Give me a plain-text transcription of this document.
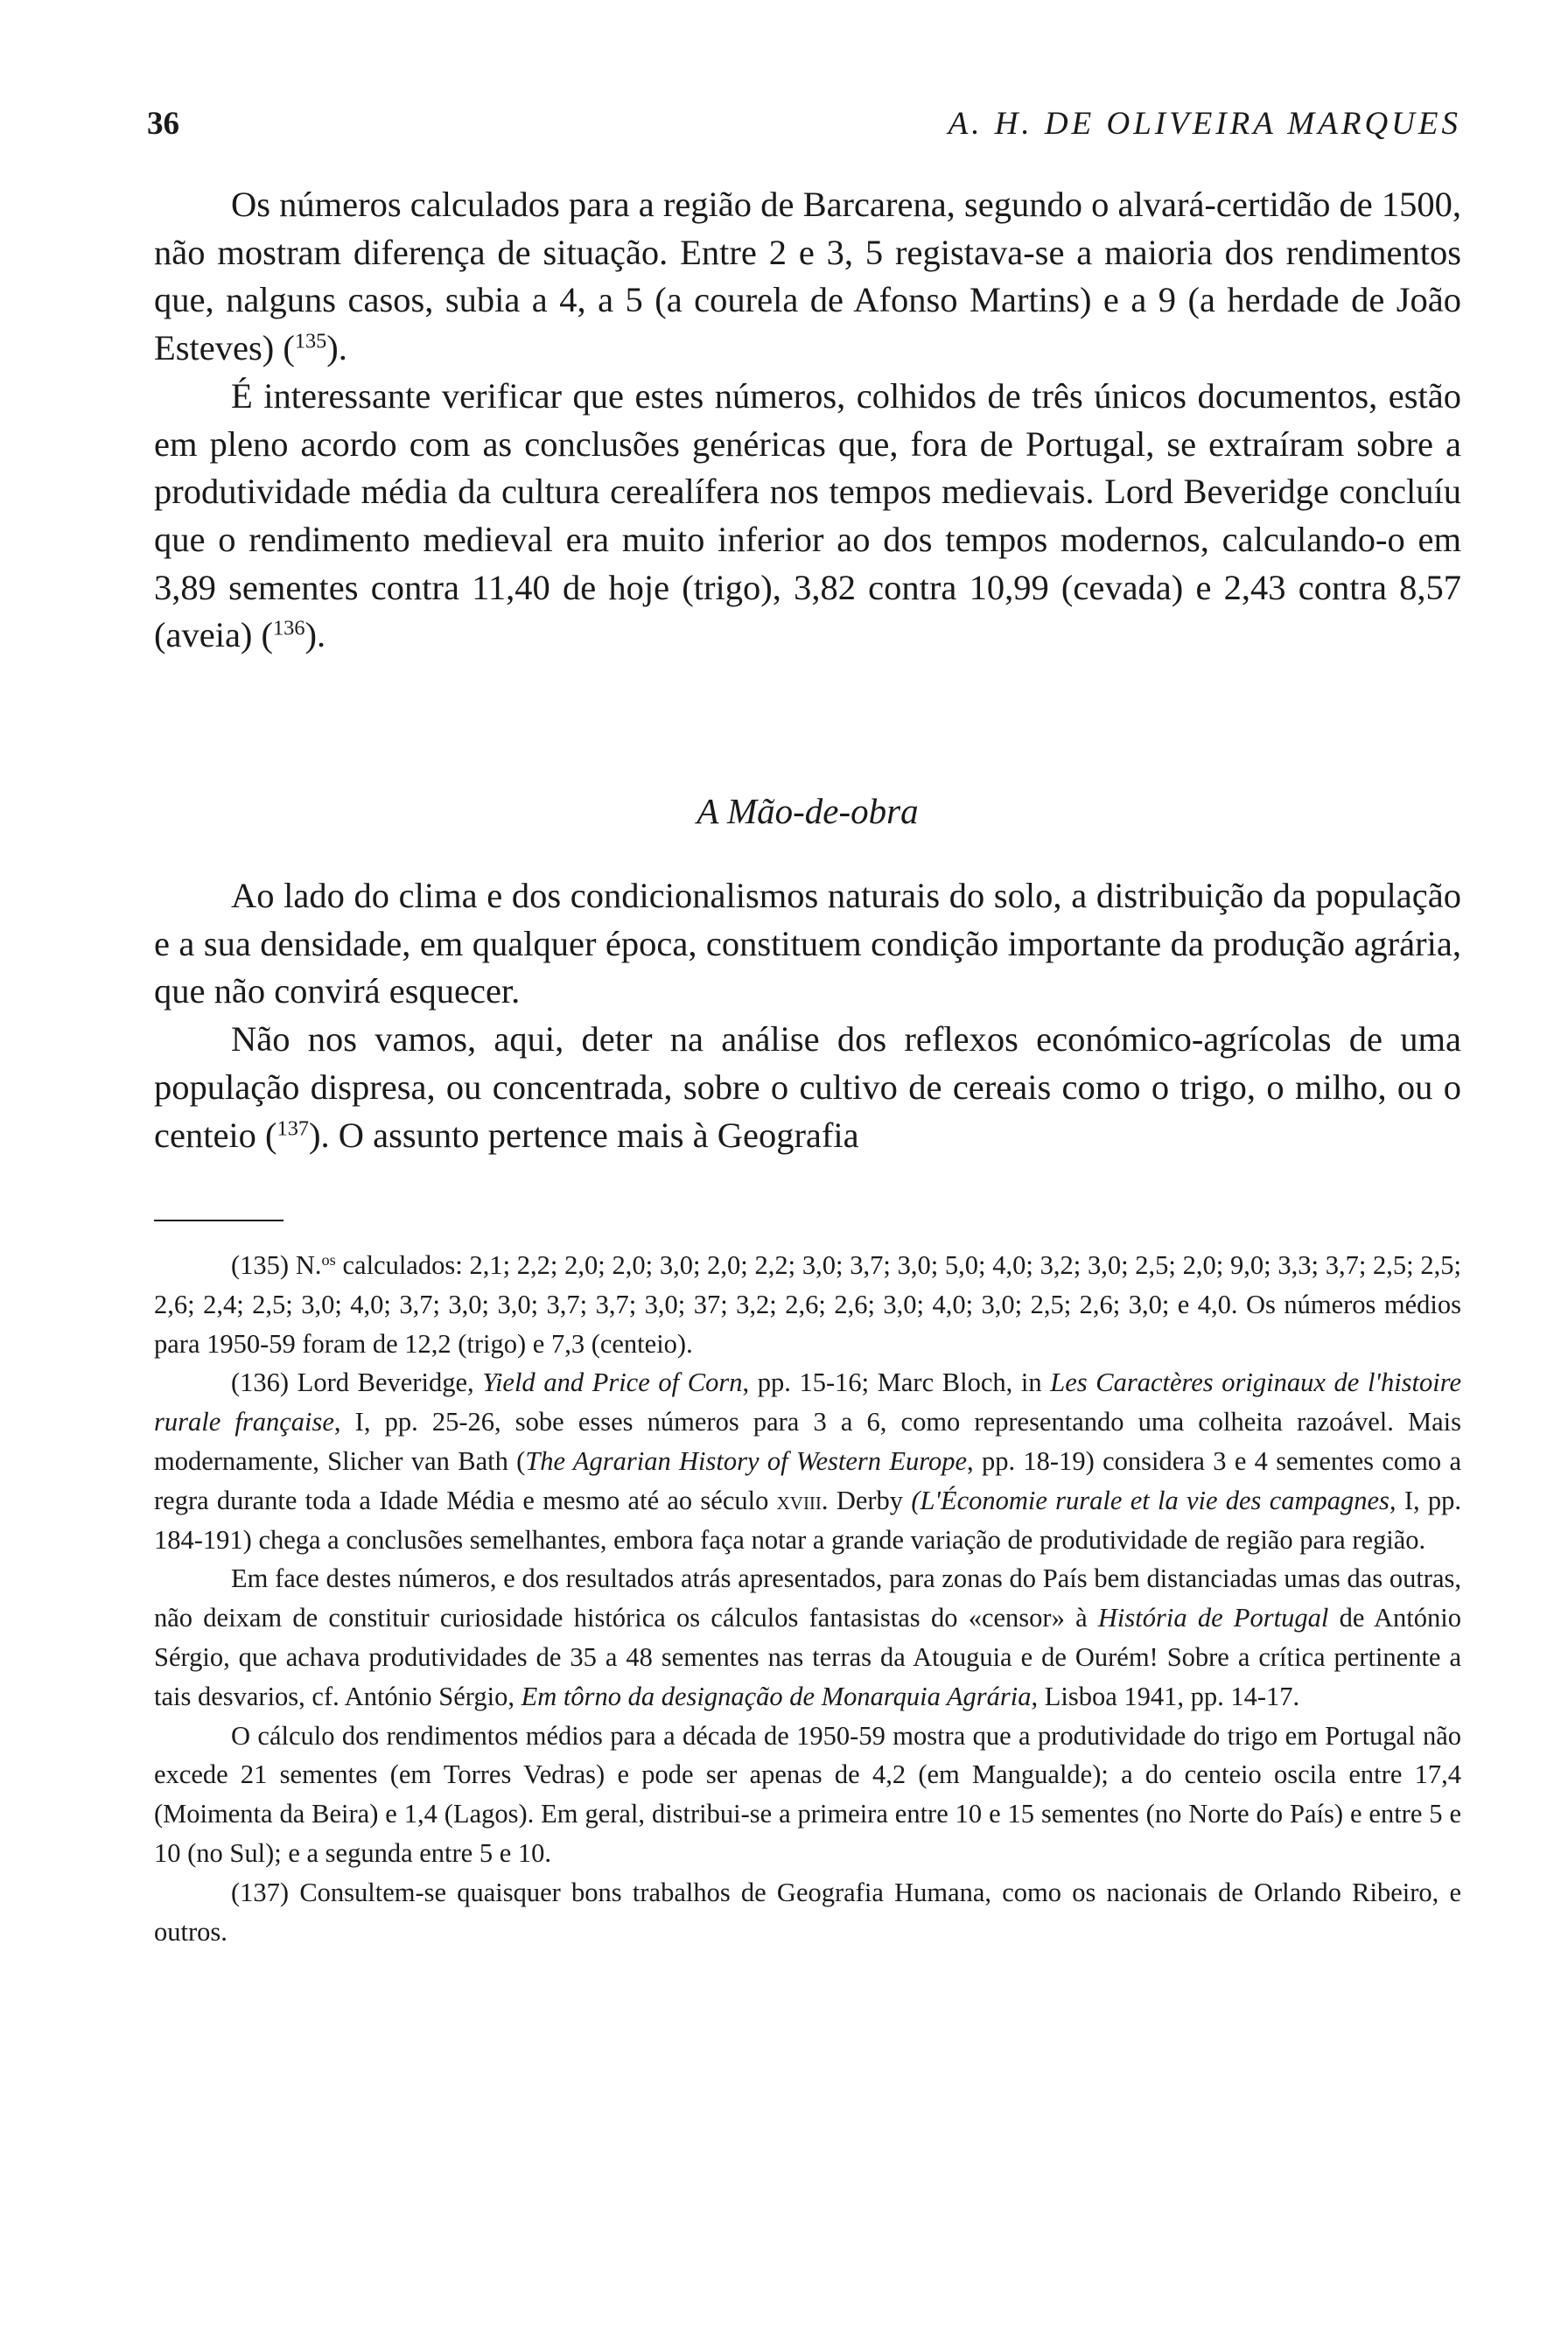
36	A. H. DE OLIVEIRA MARQUES

Os números calculados para a região de Barcarena, segundo o alvará-certidão de 1500, não mostram diferença de situação. Entre 2 e 3, 5 registava-se a maioria dos rendimentos que, nalguns casos, subia a 4, a 5 (a courela de Afonso Martins) e a 9 (a herdade de João Esteves) ($^{135}$).

É interessante verificar que estes números, colhidos de três únicos documentos, estão em pleno acordo com as conclusões genéricas que, fora de Portugal, se extraíram sobre a produtividade média da cultura cerealífera nos tempos medievais. Lord Beveridge concluíu que o rendimento medieval era muito inferior ao dos tempos modernos, calculando-o em 3,89 sementes contra 11,40 de hoje (trigo), 3,82 contra 10,99 (cevada) e 2,43 contra 8,57 (aveia) ($^{136}$).

A Mão-de-obra

Ao lado do clima e dos condicionalismos naturais do solo, a distribuição da população e a sua densidade, em qualquer época, constituem condição importante da produção agrária, que não convirá esquecer.

Não nos vamos, aqui, deter na análise dos reflexos económico-agrícolas de uma população dispresa, ou concentrada, sobre o cultivo de cereais como o trigo, o milho, ou o centeio ($^{137}$). O assunto pertence mais à Geografia

(135) N.$^{os}$ calculados: 2,1; 2,2; 2,0; 2,0; 3,0; 2,0; 2,2; 3,0; 3,7; 3,0; 5,0; 4,0; 3,2; 3,0; 2,5; 2,0; 9,0; 3,3; 3,7; 2,5; 2,5; 2,6; 2,4; 2,5; 3,0; 4,0; 3,7; 3,0; 3,0; 3,7; 3,7; 3,0; 37; 3,2; 2,6; 2,6; 3,0; 4,0; 3,0; 2,5; 2,6; 3,0; e 4,0. Os números médios para 1950-59 foram de 12,2 (trigo) e 7,3 (centeio).

(136) Lord Beveridge, Yield and Price of Corn, pp. 15-16; Marc Bloch, in Les Caractères originaux de l'histoire rurale française, I, pp. 25-26, sobe esses números para 3 a 6, como representando uma colheita razoável. Mais modernamente, Slicher van Bath (The Agrarian History of Western Europe, pp. 18-19) considera 3 e 4 sementes como a regra durante toda a Idade Média e mesmo até ao século xviii. Derby (L'Économie rurale et la vie des campagnes, I, pp. 184-191) chega a conclusões semelhantes, embora faça notar a grande variação de produtividade de região para região.

Em face destes números, e dos resultados atrás apresentados, para zonas do País bem distanciadas umas das outras, não deixam de constituir curiosidade histórica os cálculos fantasistas do «censor» à História de Portugal de António Sérgio, que achava produtividades de 35 a 48 sementes nas terras da Atouguia e de Ourém! Sobre a crítica pertinente a tais desvarios, cf. António Sérgio, Em tôrno da designação de Monarquia Agrária, Lisboa 1941, pp. 14-17.

O cálculo dos rendimentos médios para a década de 1950-59 mostra que a produtividade do trigo em Portugal não excede 21 sementes (em Torres Vedras) e pode ser apenas de 4,2 (em Mangualde); a do centeio oscila entre 17,4 (Moimenta da Beira) e 1,4 (Lagos). Em geral, distribui-se a primeira entre 10 e 15 sementes (no Norte do País) e entre 5 e 10 (no Sul); e a segunda entre 5 e 10.

(137) Consultem-se quaisquer bons trabalhos de Geografia Humana, como os nacionais de Orlando Ribeiro, e outros.
